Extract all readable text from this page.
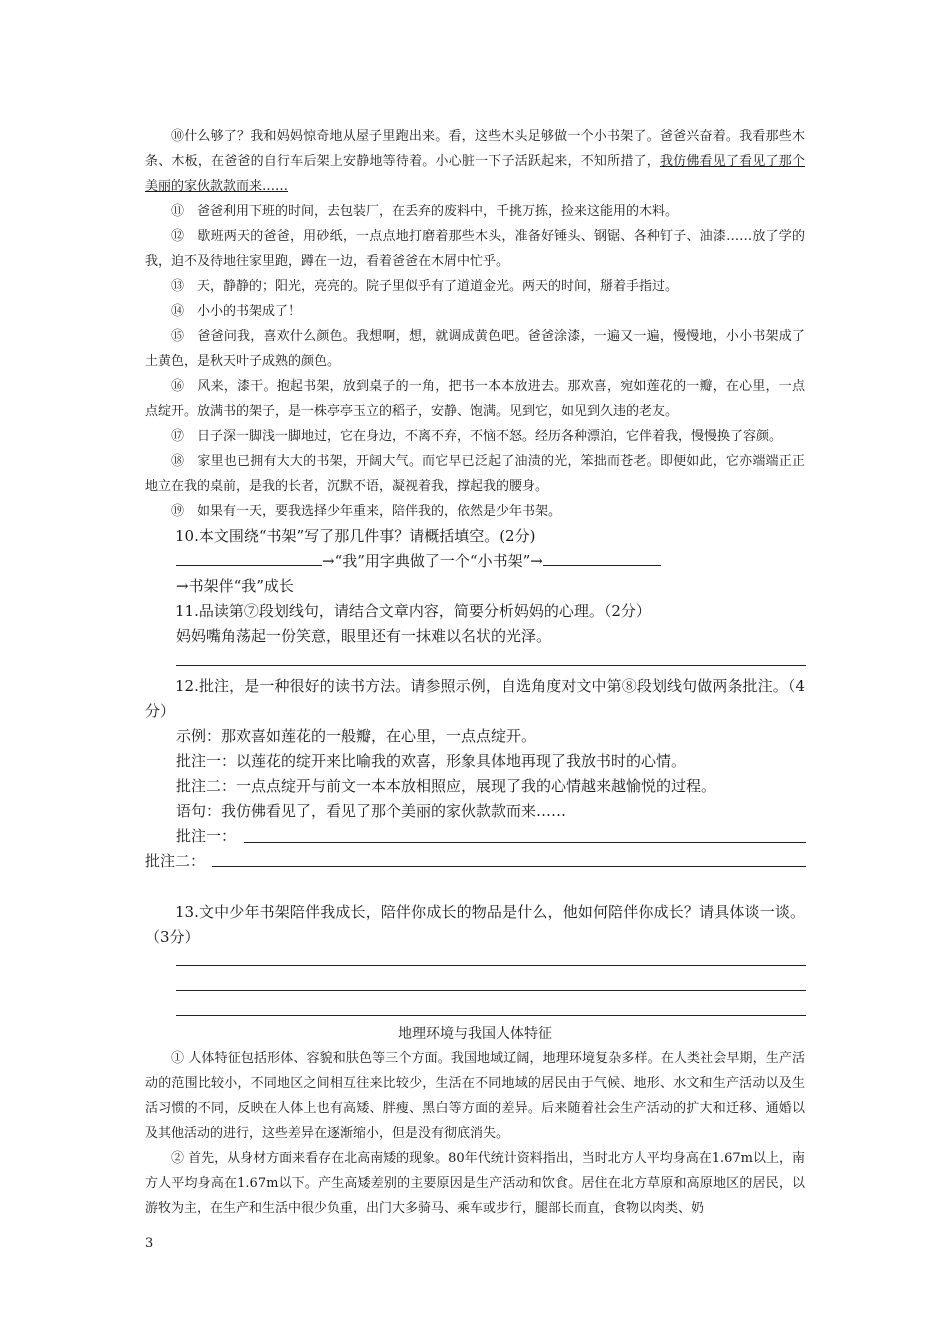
⑩什么够了？我和妈妈惊奇地从屋子里跑出来。看，这些木头足够做一个小书架了。爸爸兴奋着。我看那些木条、木板，在爸爸的自行车后架上安静地等待着。小心脏一下子活跃起来，不知所措了，我仿佛看见了看见了那个美丽的家伙款款而来……

⑪　爸爸利用下班的时间，去包装厂，在丢弃的废料中，千挑万拣，捡来这能用的木料。

⑫　歇班两天的爸爸，用砂纸，一点点地打磨着那些木头，准备好锤头、钢锯、各种钉子、油漆……放了学的我，迫不及待地往家里跑，蹲在一边，看着爸爸在木屑中忙乎。

⑬　天，静静的；阳光，亮亮的。院子里似乎有了道道金光。两天的时间，掰着手指过。

⑭　小小的书架成了！

⑮　爸爸问我，喜欢什么颜色。我想啊，想，就调成黄色吧。爸爸涂漆，一遍又一遍，慢慢地，小小书架成了土黄色，是秋天叶子成熟的颜色。

⑯　风来，漆干。抱起书架，放到桌子的一角，把书一本本放进去。那欢喜，宛如莲花的一瓣，在心里，一点点绽开。放满书的架子，是一株亭亭玉立的稻子，安静、饱满。见到它，如见到久违的老友。

⑰　日子深一脚浅一脚地过，它在身边，不离不弃，不恼不怒。经历各种漂泊，它伴着我，慢慢换了容颜。

⑱　家里也已拥有大大的书架，开阔大气。而它早已泛起了油渍的光，笨拙而苍老。即便如此，它亦端端正正地立在我的桌前，是我的长者，沉默不语，凝视着我，撑起我的腰身。

⑲　如果有一天，要我选择少年重来，陪伴我的，依然是少年书架。

10.本文围绕“书架”写了那几件事？请概括填空。(2分)

→“我”用字典做了一个“小书架”→
→书架伴“我”成长

11.品读第⑦段划线句，请结合文章内容，简要分析妈妈的心理。（2分）

妈妈嘴角荡起一份笑意，眼里还有一抹难以名状的光泽。

12.批注，是一种很好的读书方法。请参照示例，自选角度对文中第⑧段划线句做两条批注。（4分）

示例：那欢喜如莲花的一般瓣，在心里，一点点绽开。
批注一：以莲花的绽开来比喻我的欢喜，形象具体地再现了我放书时的心情。
批注二：一点点绽开与前文一本本放相照应，展现了我的心情越来越愉悦的过程。
语句：我仿佛看见了，看见了那个美丽的家伙款款而来……
批注一：
批注二：

13.文中少年书架陪伴我成长，陪伴你成长的物品是什么，他如何陪伴你成长？请具体谈一谈。（3分）

地理环境与我国人体特征

① 人体特征包括形体、容貌和肤色等三个方面。我国地域辽阔，地理环境复杂多样。在人类社会早期，生产活动的范围比较小，不同地区之间相互往来比较少，生活在不同地域的居民由于气候、地形、水文和生产活动以及生活习惯的不同，反映在人体上也有高矮、胖瘦、黑白等方面的差异。后来随着社会生产活动的扩大和迁移、通婚以及其他活动的进行，这些差异在逐渐缩小，但是没有彻底消失。

② 首先，从身材方面来看存在北高南矮的现象。80年代统计资料指出，当时北方人平均身高在1.67m以上，南方人平均身高在1.67m以下。产生高矮差别的主要原因是生产活动和饮食。居住在北方草原和高原地区的居民，以游牧为主，在生产和生活中很少负重，出门大多骑马、乘车或步行，腿部长而直，食物以肉类、奶

3
